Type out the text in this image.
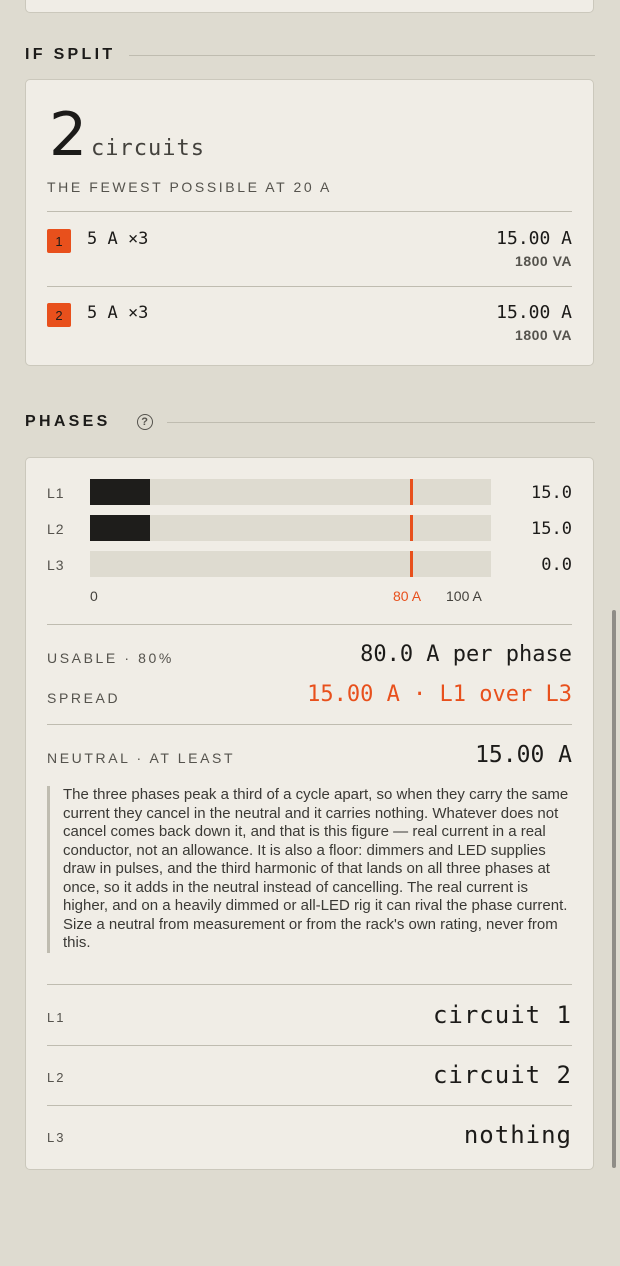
IF SPLIT
2 circuits
THE FEWEST POSSIBLE AT 20 A
1	5 A ×3	15.00 A
1800 VA
2	5 A ×3	15.00 A
1800 VA
PHASES	?
L1	15.0
L2	15.0
L3	0.0
0	80 A 100 A
USABLE · 80%	80.0 A per phase
SPREAD	15.00 A · L1 over L3
NEUTRAL · AT LEAST	15.00 A
The three phases peak a third of a cycle apart, so when they carry the same current they cancel in the neutral and it carries nothing. Whatever does not cancel comes back down it, and that is this figure — real current in a real conductor, not an allowance. It is also a floor: dimmers and LED supplies draw in pulses, and the third harmonic of that lands on all three phases at once, so it adds in the neutral instead of cancelling. The real current is higher, and on a heavily dimmed or all-LED rig it can rival the phase current. Size a neutral from measurement or from the rack's own rating, never from this.
L1	circuit 1
L2	circuit 2
L3	nothing
